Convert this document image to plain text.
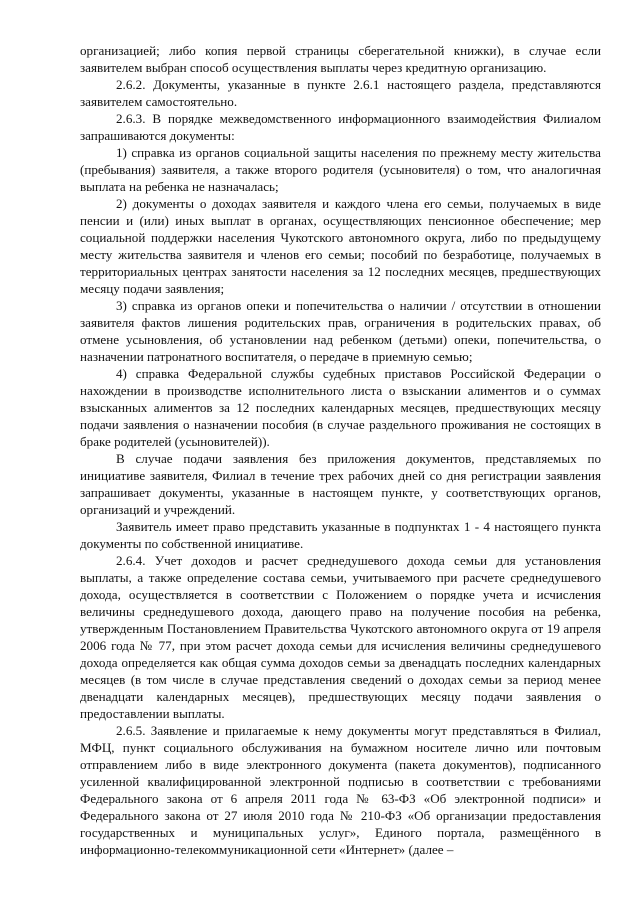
организацией; либо копия первой страницы сберегательной книжки), в случае если заявителем выбран способ осуществления выплаты через кредитную организацию.

2.6.2. Документы, указанные в пункте 2.6.1 настоящего раздела, представляются заявителем самостоятельно.

2.6.3. В порядке межведомственного информационного взаимодействия Филиалом запрашиваются документы:

1) справка из органов социальной защиты населения по прежнему месту жительства (пребывания) заявителя, а также второго родителя (усыновителя) о том, что аналогичная выплата на ребенка не назначалась;

2) документы о доходах заявителя и каждого члена его семьи, получаемых в виде пенсии и (или) иных выплат в органах, осуществляющих пенсионное обеспечение; мер социальной поддержки населения Чукотского автономного округа, либо по предыдущему месту жительства заявителя и членов его семьи; пособий по безработице, получаемых в территориальных центрах занятости населения за 12 последних месяцев, предшествующих месяцу подачи заявления;

3) справка из органов опеки и попечительства о наличии / отсутствии в отношении заявителя фактов лишения родительских прав, ограничения в родительских правах, об отмене усыновления, об установлении над ребенком (детьми) опеки, попечительства, о назначении патронатного воспитателя, о передаче в приемную семью;

4) справка Федеральной службы судебных приставов Российской Федерации о нахождении в производстве исполнительного листа о взыскании алиментов и о суммах взысканных алиментов за 12 последних календарных месяцев, предшествующих месяцу подачи заявления о назначении пособия (в случае раздельного проживания не состоящих в браке родителей (усыновителей)).

В случае подачи заявления без приложения документов, представляемых по инициативе заявителя, Филиал в течение трех рабочих дней со дня регистрации заявления запрашивает документы, указанные в настоящем пункте, у соответствующих органов, организаций и учреждений.

Заявитель имеет право представить указанные в подпунктах 1 - 4 настоящего пункта документы по собственной инициативе.

2.6.4. Учет доходов и расчет среднедушевого дохода семьи для установления выплаты, а также определение состава семьи, учитываемого при расчете среднедушевого дохода, осуществляется в соответствии с Положением о порядке учета и исчисления величины среднедушевого дохода, дающего право на получение пособия на ребенка, утвержденным Постановлением Правительства Чукотского автономного округа от 19 апреля 2006 года № 77, при этом расчет дохода семьи для исчисления величины среднедушевого дохода определяется как общая сумма доходов семьи за двенадцать последних календарных месяцев (в том числе в случае представления сведений о доходах семьи за период менее двенадцати календарных месяцев), предшествующих месяцу подачи заявления о предоставлении выплаты.

2.6.5. Заявление и прилагаемые к нему документы могут представляться в Филиал, МФЦ, пункт социального обслуживания на бумажном носителе лично или почтовым отправлением либо в виде электронного документа (пакета документов), подписанного усиленной квалифицированной электронной подписью в соответствии с требованиями Федерального закона от 6 апреля 2011 года № 63-ФЗ «Об электронной подписи» и Федерального закона от 27 июля 2010 года № 210-ФЗ «Об организации предоставления государственных и муниципальных услуг», Единого портала, размещённого в информационно-телекоммуникационной сети «Интернет» (далее –
